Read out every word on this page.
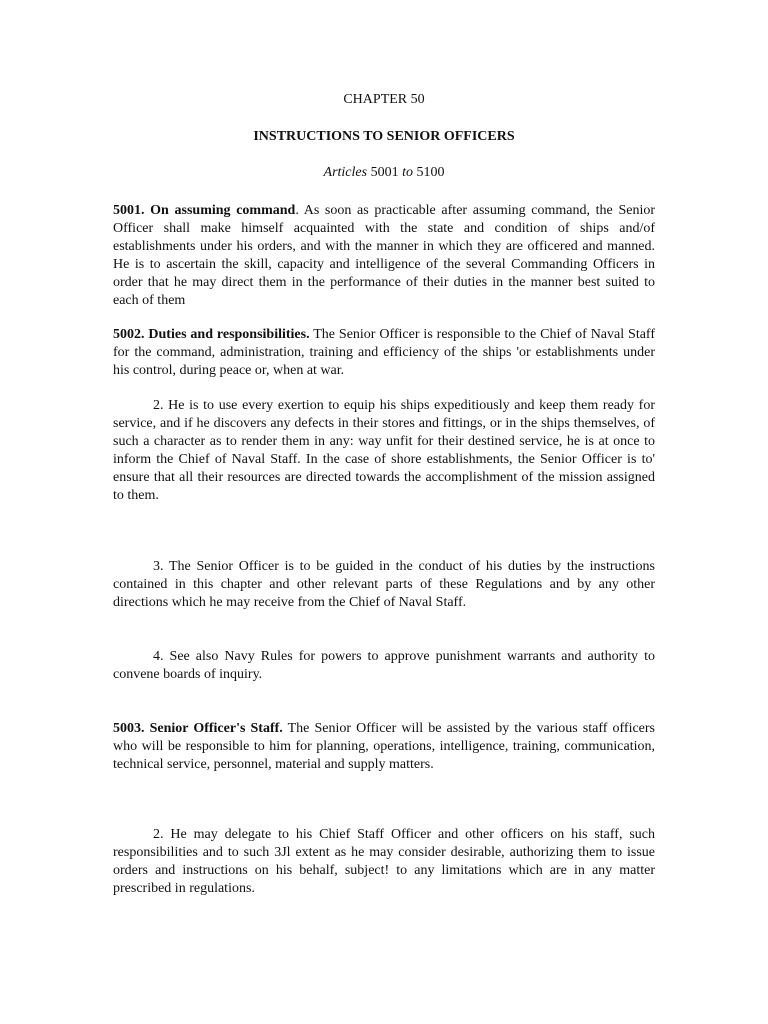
CHAPTER 50

INSTRUCTIONS TO SENIOR OFFICERS

Articles 5001 to 5100

5001. On assuming command. As soon as practicable after assuming command, the Senior Officer shall make himself acquainted with the state and condition of ships and/of establishments under his orders, and with the manner in which they are officered and manned. He is to ascertain the skill, capacity and intelligence of the several Commanding Officers in order that he may direct them in the performance of their duties in the manner best suited to each of them

5002. Duties and responsibilities. The Senior Officer is responsible to the Chief of Naval Staff for the command, administration, training and efficiency of the ships 'or establishments under his control, during peace or, when at war.

2. He is to use every exertion to equip his ships expeditiously and keep them ready for service, and if he discovers any defects in their stores and fittings, or in the ships themselves, of such a character as to render them in any: way unfit for their destined service, he is at once to inform the Chief of Naval Staff. In the case of shore establishments, the Senior Officer is to' ensure that all their resources are directed towards the accomplishment of the mission assigned to them.

3. The Senior Officer is to be guided in the conduct of his duties by the instructions contained in this chapter and other relevant parts of these Regulations and by any other directions which he may receive from the Chief of Naval Staff.

4. See also Navy Rules for powers to approve punishment warrants and authority to convene boards of inquiry.

5003. Senior Officer's Staff. The Senior Officer will be assisted by the various staff officers who will be responsible to him for planning, operations, intelligence, training, communication, technical service, personnel, material and supply matters.

2. He may delegate to his Chief Staff Officer and other officers on his staff, such responsibilities and to such 3Jl extent as he may consider desirable, authorizing them to issue orders and instructions on his behalf, subject! to any limitations which are in any matter prescribed in regulations.
